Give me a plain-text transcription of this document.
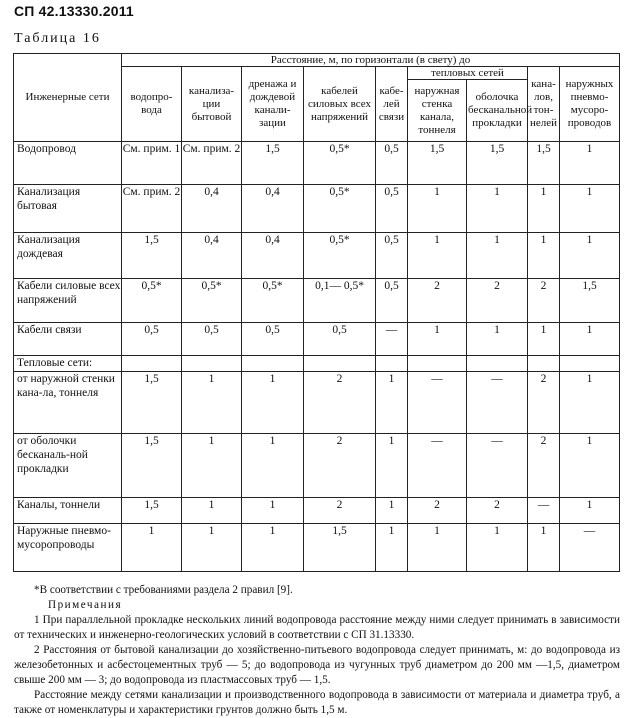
СП 42.13330.2011
Таблица 16
Инженерные сети	Расстояние, м, по горизонтали (в свету) до								
	водопро-вода	канализа-ции бытовой	дренажа и дождевой канали-зации	кабелей силовых всех напряжений	кабе-лей связи	тепловых сетей		кана-лов, тон-нелей	наружных пневмо-мусоро-проводов
						наружная стенка канала, тоннеля	оболочка бесканальной прокладки		
Водопровод	См. прим. 1	См. прим. 2	1,5	0,5*	0,5	1,5	1,5	1,5	1
Канализация бытовая	См. прим. 2	0,4	0,4	0,5*	0,5	1	1	1	1
Канализация дождевая	1,5	0,4	0,4	0,5*	0,5	1	1	1	1
Кабели силовые всех напряжений	0,5*	0,5*	0,5*	0,1— 0,5*	0,5	2	2	2	1,5
Кабели связи	0,5	0,5	0,5	0,5	—	1	1	1	1
Тепловые сети:									
от наружной стенки кана-ла, тоннеля	1,5	1	1	2	1	—	—	2	1
от оболочки бесканаль-ной прокладки	1,5	1	1	2	1	—	—	2	1
Каналы, тоннели	1,5	1	1	2	1	2	2	—	1
Наружные пневмо-мусоропроводы	1	1	1	1,5	1	1	1	1	—

*В соответствии с требованиями раздела 2 правил [9].

Примечания

1 При параллельной прокладке нескольких линий водопровода расстояние между ними следует принимать в зависимости от технических и инженерно-геологических условий в соответствии с СП 31.13330.

2 Расстояния от бытовой канализации до хозяйственно-питьевого водопровода следует принимать, м: до водопровода из железобетонных и асбестоцементных труб — 5; до водопровода из чугунных труб диаметром до 200 мм —1,5, диаметром свыше 200 мм — 3; до водопровода из пластмассовых труб — 1,5.

Расстояние между сетями канализации и производственного водопровода в зависимости от материала и диаметра труб, а также от номенклатуры и характеристики грунтов должно быть 1,5 м.
